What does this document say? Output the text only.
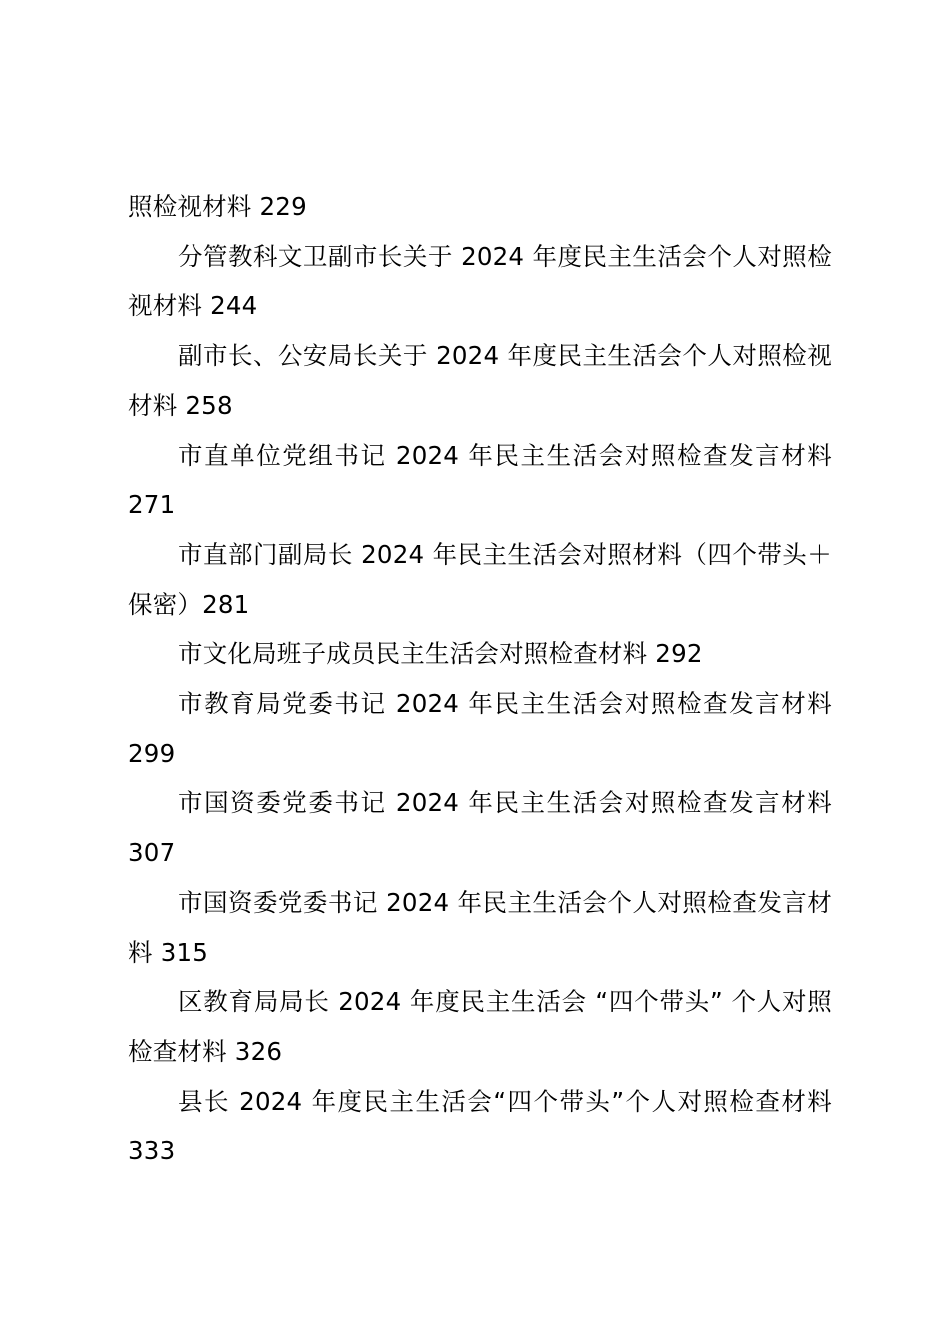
照检视材料 229

分管教科文卫副市长关于 2024 年度民主生活会个人对照检视材料 244

副市长、公安局长关于 2024 年度民主生活会个人对照检视材料 258

市直单位党组书记 2024 年民主生活会对照检查发言材料 271

市直部门副局长 2024 年民主生活会对照材料（四个带头＋保密）281

市文化局班子成员民主生活会对照检查材料 292

市教育局党委书记 2024 年民主生活会对照检查发言材料 299

市国资委党委书记 2024 年民主生活会对照检查发言材料 307

市国资委党委书记 2024 年民主生活会个人对照检查发言材料 315

区教育局局长 2024 年度民主生活会 “四个带头” 个人对照检查材料 326

县长 2024 年度民主生活会“四个带头”个人对照检查材料 333
